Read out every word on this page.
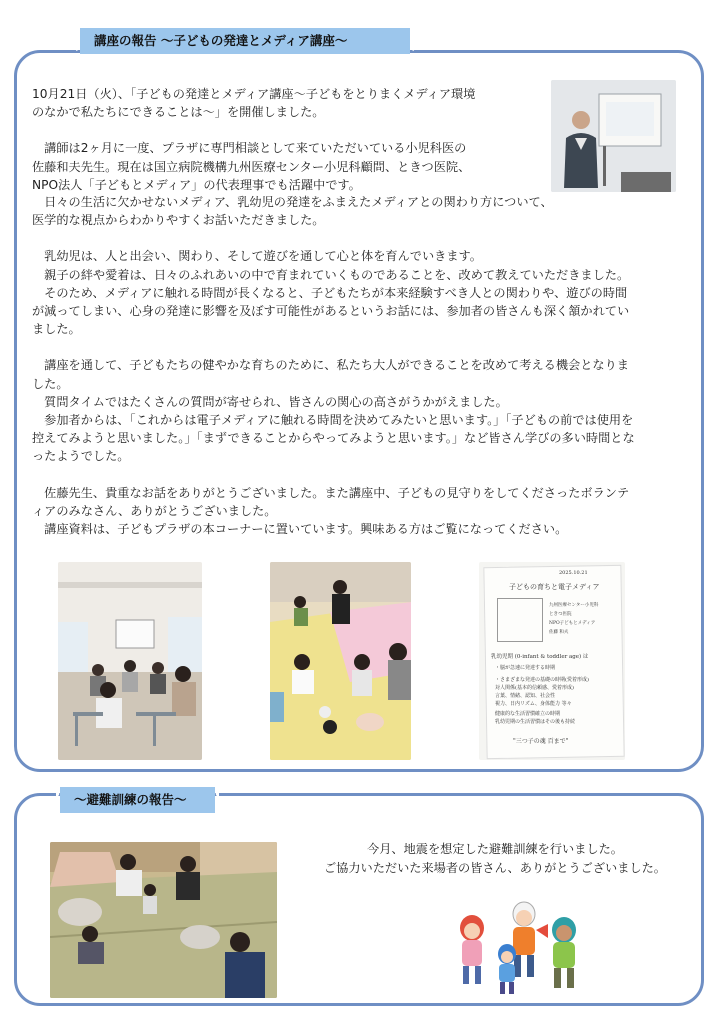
講座の報告 ～子どもの発達とメディア講座～

10月21日（火）、「子どもの発達とメディア講座～子どもをとりまくメディア環境

のなかで私たちにできることは～」を開催しました。

　講師は2ヶ月に一度、プラザに専門相談として来ていただいている小児科医の

佐藤和夫先生。現在は国立病院機構九州医療センター小児科顧問、ときつ医院、

NPO法人「子どもとメディア」の代表理事でも活躍中です。

　日々の生活に欠かせないメディア、乳幼児の発達をふまえたメディアとの関わり方について、

医学的な視点からわかりやすくお話いただきました。

　乳幼児は、人と出会い、関わり、そして遊びを通して心と体を育んでいきます。

　親子の絆や愛着は、日々のふれあいの中で育まれていくものであることを、改めて教えていただきました。

　そのため、メディアに触れる時間が長くなると、子どもたちが本来経験すべき人との関わりや、遊びの時間

が減ってしまい、心身の発達に影響を及ぼす可能性があるというお話には、参加者の皆さんも深く頷かれてい

ました。

　講座を通して、子どもたちの健やかな育ちのために、私たち大人ができることを改めて考える機会となりま

した。

　質問タイムではたくさんの質問が寄せられ、皆さんの関心の高さがうかがえました。

　参加者からは、「これからは電子メディアに触れる時間を決めてみたいと思います。」「子どもの前では使用を

控えてみようと思いました。」「まずできることからやってみようと思います。」など皆さん学びの多い時間とな

ったようでした。

　佐藤先生、貴重なお話をありがとうございました。また講座中、子どもの見守りをしてくださったボランテ

ィアのみなさん、ありがとうございました。

　講座資料は、子どもプラザの本コーナーに置いています。興味ある方はご覧になってください。

2025.10.21
子どもの育ちと電子メディア
九州医療センター小児科
ときつ医院
NPO子どもとメディア
佐藤 和夫
乳幼児期 (0-infant & toddler age) は
・脳が急速に発達する時期
・さまざまな発達の基礎の時期(愛着形成)
対人関係(基本的信頼感、愛着形成)
言葉、情緒、認知、社会性
視力、日内リズム、身体能力 等々
健康的な生活習慣確立の時期
乳幼児期の生活習慣はその後も持続
"三つ子の魂 百まで"
～避難訓練の報告～

今月、地震を想定した避難訓練を行いました。

ご協力いただいた来場者の皆さん、ありがとうございました。
